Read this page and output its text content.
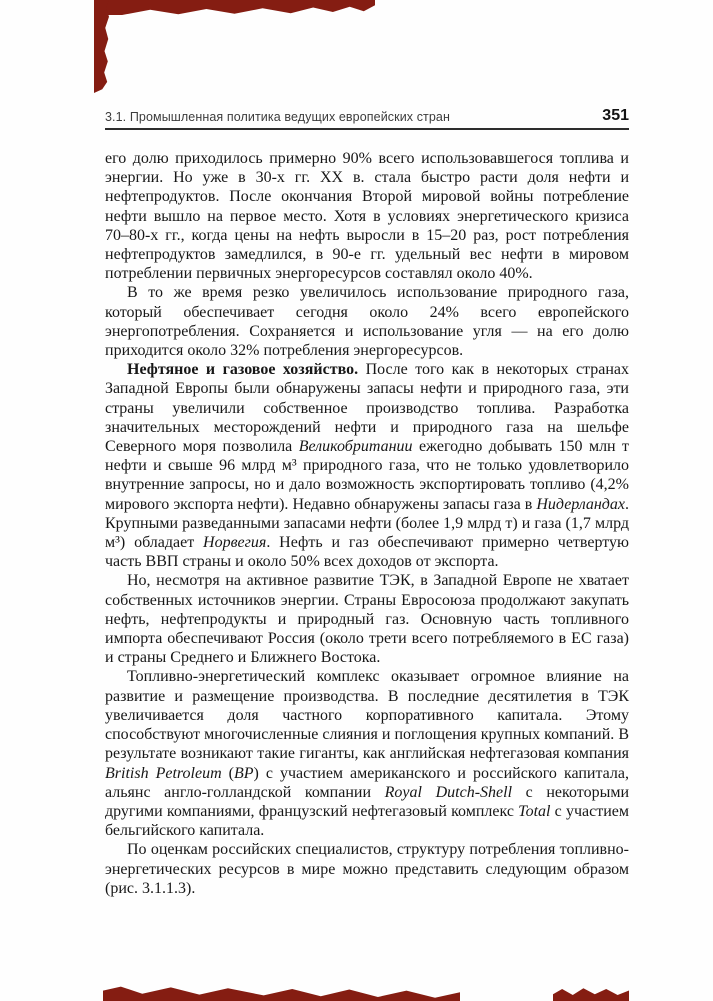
3.1. Промышленная политика ведущих европейских стран	351

его долю приходилось примерно 90% всего использовавшегося топлива и энергии. Но уже в 30-х гг. XX в. стала быстро расти доля нефти и нефтепродуктов. После окончания Второй мировой войны потребление нефти вышло на первое место. Хотя в условиях энергетического кризиса 70–80-х гг., когда цены на нефть выросли в 15–20 раз, рост потребления нефтепродуктов замедлился, в 90-е гг. удельный вес нефти в мировом потреблении первичных энергоресурсов составлял около 40%.

В то же время резко увеличилось использование природного газа, который обеспечивает сегодня около 24% всего европейского энергопотребления. Сохраняется и использование угля — на его долю приходится около 32% потребления энергоресурсов.

Нефтяное и газовое хозяйство. После того как в некоторых странах Западной Европы были обнаружены запасы нефти и природного газа, эти страны увеличили собственное производство топлива. Разработка значительных месторождений нефти и природного газа на шельфе Северного моря позволила Великобритании ежегодно добывать 150 млн т нефти и свыше 96 млрд м³ природного газа, что не только удовлетворило внутренние запросы, но и дало возможность экспортировать топливо (4,2% мирового экспорта нефти). Недавно обнаружены запасы газа в Нидерландах. Крупными разведанными запасами нефти (более 1,9 млрд т) и газа (1,7 млрд м³) обладает Норвегия. Нефть и газ обеспечивают примерно четвертую часть ВВП страны и около 50% всех доходов от экспорта.

Но, несмотря на активное развитие ТЭК, в Западной Европе не хватает собственных источников энергии. Страны Евросоюза продолжают закупать нефть, нефтепродукты и природный газ. Основную часть топливного импорта обеспечивают Россия (около трети всего потребляемого в ЕС газа) и страны Среднего и Ближнего Востока.

Топливно-энергетический комплекс оказывает огромное влияние на развитие и размещение производства. В последние десятилетия в ТЭК увеличивается доля частного корпоративного капитала. Этому способствуют многочисленные слияния и поглощения крупных компаний. В результате возникают такие гиганты, как английская нефтегазовая компания British Petroleum (BP) с участием американского и российского капитала, альянс англо-голландской компании Royal Dutch-Shell с некоторыми другими компаниями, французский нефтегазовый комплекс Total с участием бельгийского капитала.

По оценкам российских специалистов, структуру потребления топливно-энергетических ресурсов в мире можно представить следующим образом (рис. 3.1.1.3).
